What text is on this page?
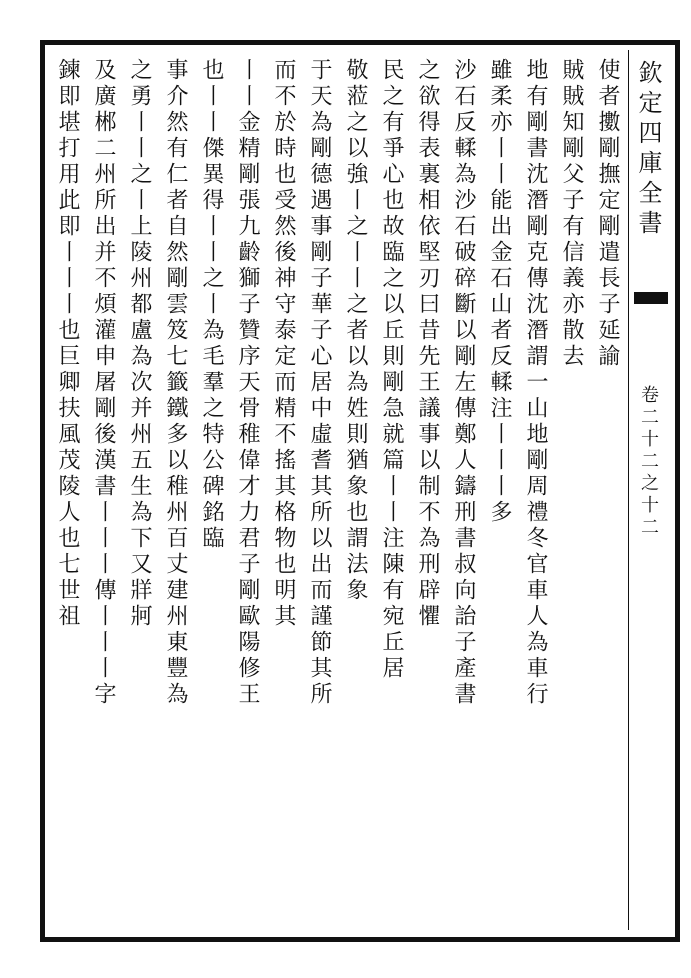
欽定四庫全書
卷二十二之十二
使者擻剛撫定剛遣長子延諭
賊賊知剛父子有信義亦散去
地有剛書沈潛剛克傳沈潛謂一山地剛周禮冬官車人為車行
雖柔亦丨丨能出金石山者反輮注丨丨丨多
沙石反輮為沙石破碎斷以剛左傳鄭人鑄刑書叔向詒子產書
之欲得表裏相依堅刃曰昔先王議事以制不為刑辟懼
民之有爭心也故臨之以丘則剛急就篇丨丨注陳有宛丘居
敬蒞之以強丨之丨丨之者以為姓則猶象也謂法象
于天為剛德遇事剛子華子心居中虛耆其所以出而謹節其所
而不於時也受然後神守泰定而精不搖其格物也明其
丨丨金精剛張九齡獅子贊序天骨稚偉才力君子剛歐陽修王
也丨丨傑異得丨丨之丨為毛羣之特公碑銘臨
事介然有仁者自然剛雲笈七籤鐵多以稚州百丈建州東豐為
之勇丨丨之丨上陵州都盧為次并州五生為下又牂牁
及廣郴二州所出并不煩灌申屠剛後漢書丨丨丨傳丨丨丨字
鍊即堪打用此即丨丨丨也巨卿扶風茂陵人也七世祖
